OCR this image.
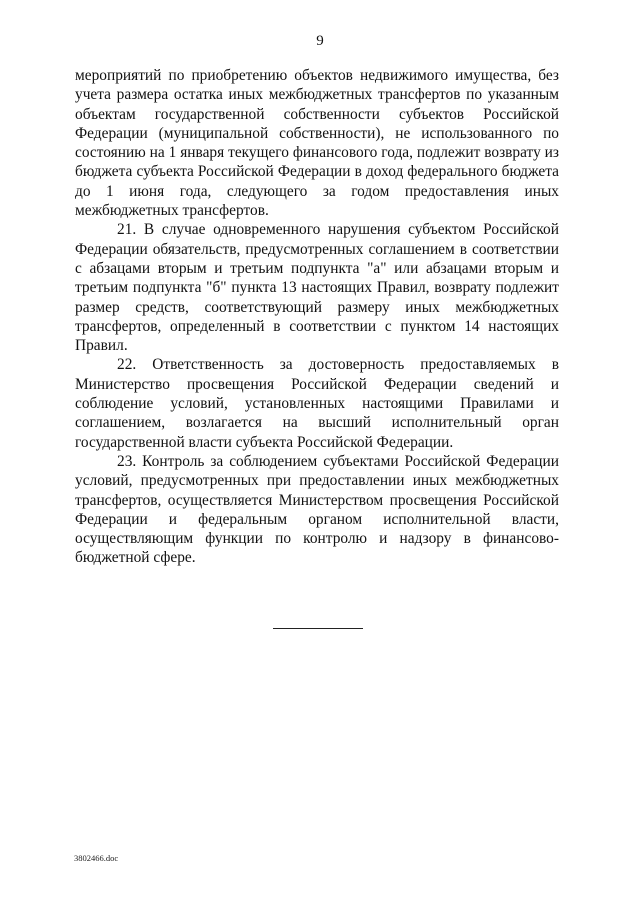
9

мероприятий по приобретению объектов недвижимого имущества, без учета размера остатка иных межбюджетных трансфертов по указанным объектам государственной собственности субъектов Российской Федерации (муниципальной собственности), не использованного по состоянию на 1 января текущего финансового года, подлежит возврату из бюджета субъекта Российской Федерации в доход федерального бюджета до 1 июня года, следующего за годом предоставления иных межбюджетных трансфертов.

21. В случае одновременного нарушения субъектом Российской Федерации обязательств, предусмотренных соглашением в соответствии с абзацами вторым и третьим подпункта "а" или абзацами вторым и третьим подпункта "б" пункта 13 настоящих Правил, возврату подлежит размер средств, соответствующий размеру иных межбюджетных трансфертов, определенный в соответствии с пунктом 14 настоящих Правил.

22. Ответственность за достоверность предоставляемых в Министерство просвещения Российской Федерации сведений и соблюдение условий, установленных настоящими Правилами и соглашением, возлагается на высший исполнительный орган государственной власти субъекта Российской Федерации.

23. Контроль за соблюдением субъектами Российской Федерации условий, предусмотренных при предоставлении иных межбюджетных трансфертов, осуществляется Министерством просвещения Российской Федерации и федеральным органом исполнительной власти, осуществляющим функции по контролю и надзору в финансово-бюджетной сфере.

3802466.doc
